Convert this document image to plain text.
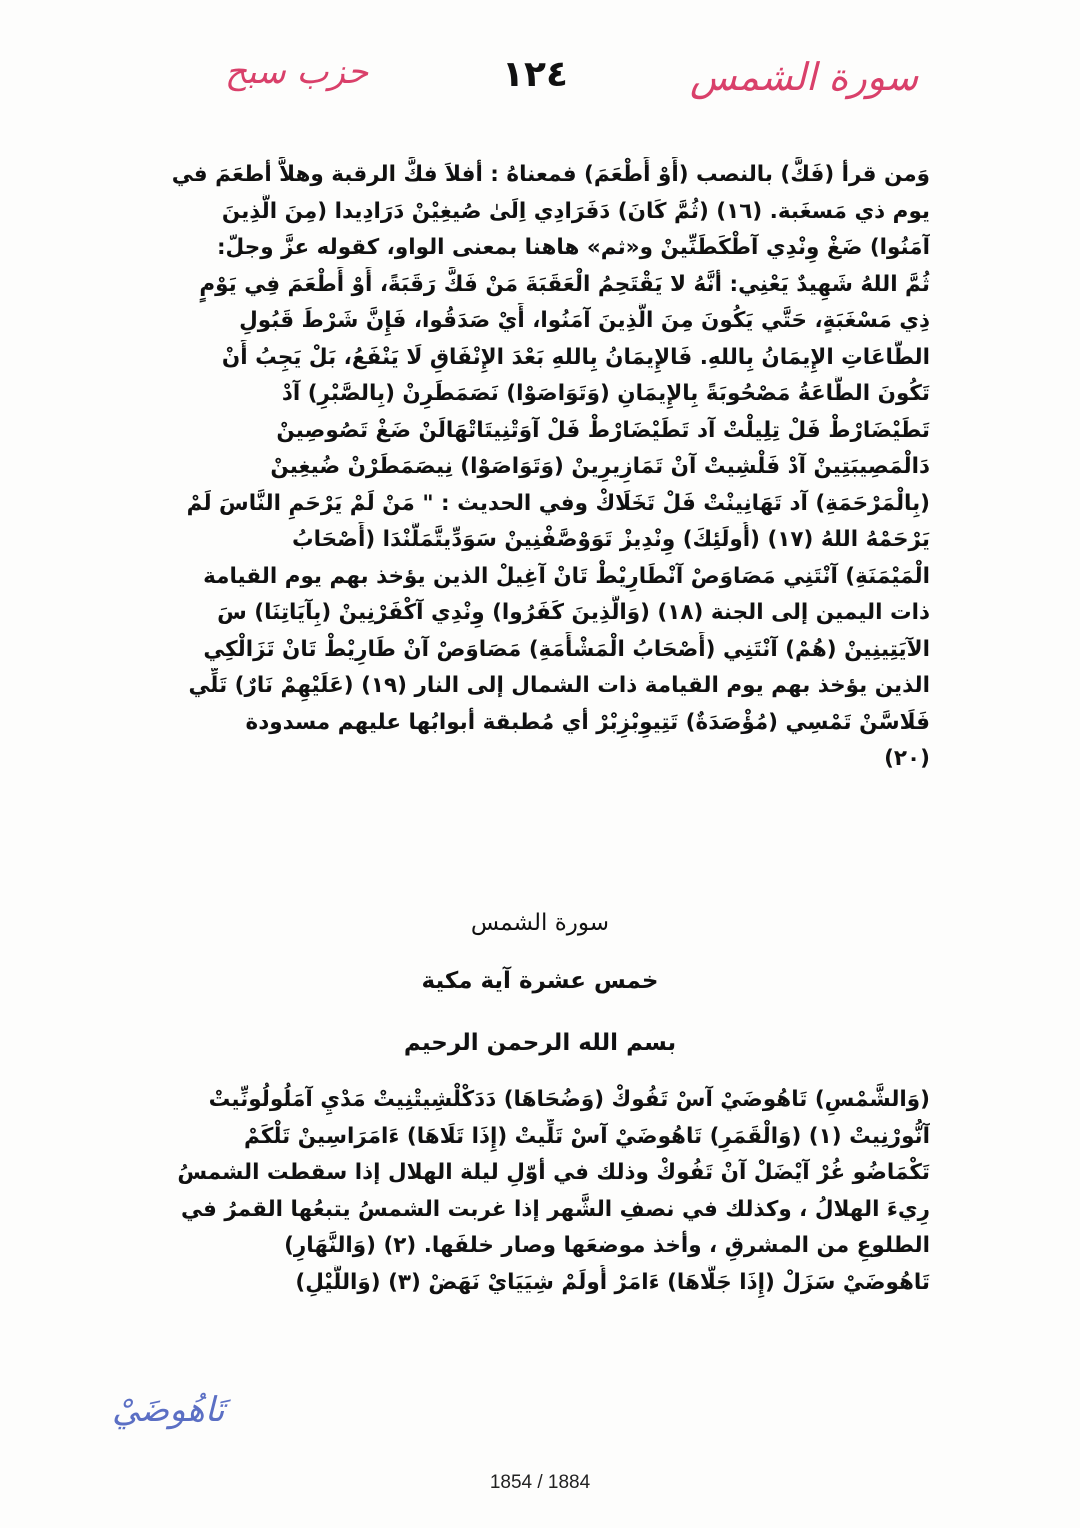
حزب سبح	١٢٤	سورة الشمس
وَمن قرأ (فَكَّ) بالنصب (أَوْ أَطْعَمَ) فمعناهُ : أفلاَ فكَّ الرقبة وهلاَّ أطعَمَ في
يوم ذي مَسغَبة. (١٦) (ثُمَّ كَانَ) دَفَرَادِي اِلَىٰ صُيغِيْنْ دَرَادِيدا (مِنَ الَّذِينَ
آمَنُوا) ضَغْ وِنْدِي آطْكَطَنِّينْ و«ثم» هاهنا بمعنى الواو، كقوله عزَّ وجلّ:
ثُمَّ اللهُ شَهِيدٌ يَعْنِي: أنَّهُ لا يَقْتَحِمُ الْعَقَبَةَ مَنْ فَكَّ رَقَبَةً، أَوْ أَطْعَمَ فِي يَوْمٍ
ذِي مَسْغَبَةٍ، حَتَّي يَكُونَ مِنَ الَّذِينَ آمَنُوا، أَيْ صَدَقُوا، فَإِنَّ شَرْطَ قَبُولِ
الطَّاعَاتِ الإِيمَانُ بِاللهِ. فَالإِيمَانُ بِاللهِ بَعْدَ الإِنْفَاقِ لَا يَنْفَعُ، بَلْ يَجِبُ أَنْ
تَكُونَ الطَّاعَةُ مَصْحُوبَةً بِالإِيمَانِ (وَتَوَاصَوْا) نَصَمَطَرِنْ (بِالصَّبْرِ) آدْ
تَطَيْضَارْطْ فَلْ تِلِيلْتْ آد تَطَيْضَارْطْ فَلْ آوَتْنِيتَاتْهَالَنْ ضَغْ تَصُوصِينْ
دَالْمَصِيبَتِينْ آدْ فَلْشِيتْ آنْ تَمَازِيرِينْ (وَتَوَاصَوْا) نِيصَمَطَرْنْ ضُيغِينْ
(بِالْمَرْحَمَةِ) آد تَهَانِينْتْ فَلْ تَخَلَاكْ وفي الحديث : " مَنْ لَمْ يَرْحَمِ النَّاسَ لَمْ
يَرْحَمْهُ اللهُ (١٧) (أُولَئِكَ) وِنْدِيزْ تَوَوْصَّفْنِينْ سَوَدِّيتَّمَلَّنْدَا (أَصْحَابُ
الْمَيْمَنَةِ) آنْتَنِي مَصَاوَصْ آنْطَارِيْطْ تَانْ آغِيلْ الذين يؤخذ بهم يوم القيامة
ذات اليمين إلى الجنة (١٨) (وَالَّذِينَ كَفَرُوا) وِنْدِي آكْفَرْنِينْ (بِآيَاتِنَا) سَ
الآيَتِينِينْ (هُمْ) آنْتَنِي (أَصْحَابُ الْمَشْأَمَةِ) مَصَاوَصْ آنْ طَارِيْطْ تَانْ تَزَالْكِي
الذين يؤخذ بهم يوم القيامة ذات الشمال إلى النار (١٩) (عَلَيْهِمْ نَارٌ) تَلِّي
فَلَاسَّنْ تَمْسِي (مُؤْصَدَةٌ) تَتِيوِبْزِبْرْ أي مُطبقة أبوابُها عليهم مسدودة
(٢٠)
سورة الشمس
خمس عشرة آية مكية
بسم الله الرحمن الرحيم
(وَالشَّمْسِ) تَاهُوضَيْ آسْ تَفُوكْ (وَضُحَاهَا) دَدَكْلْشِيتْنِيتْ مَدْيِ آمَلُولُونِّيتْ
آنُّورْنِيتْ (١) (وَالْقَمَرِ) تَاهُوضَيْ آسْ تَلِّيتْ (إِذَا تَلَاهَا) ءَامَرَاسِينْ تَلْكَمْ
تَكْمَاضُو غُرْ آيْضَلْ آنْ تَفُوكْ وذلك في أوّلِ ليلة الهلال إذا سقطت الشمسُ
رِيءَ الهلالُ ، وكذلك في نصفِ الشَّهر إذا غربت الشمسُ يتبعُها القمرُ في
الطلوعِ من المشرقِ ، وأخذ موضعَها وصار خلفَها. (٢) (وَالنَّهَارِ)
تَاهُوضَيْ سَزَلْ (إِذَا جَلَّاهَا) ءَامَرْ أُولَمْ شِيَيَايْ نَهَضْ (٣) (وَاللَّيْلِ)
تَاهُوضَيْ
1854 / 1884
